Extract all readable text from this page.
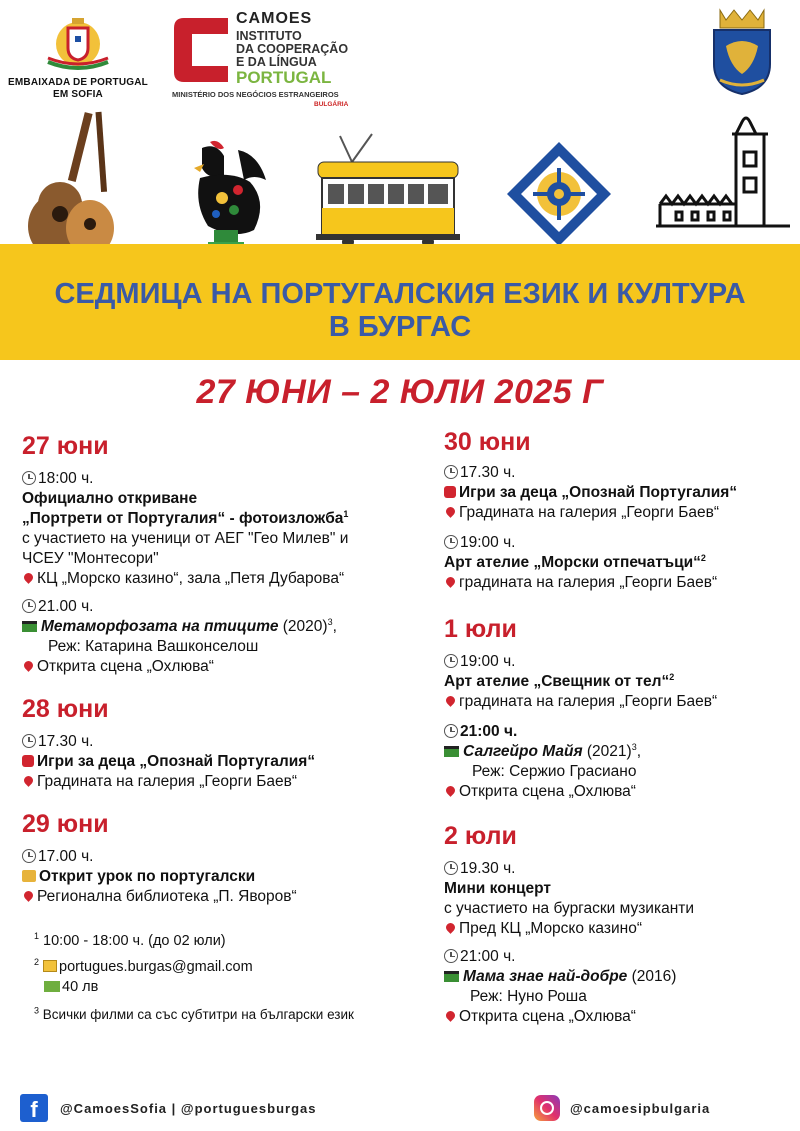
EMBAIXADA DE PORTUGAL
EM SOFIA
CAMOES
INSTITUTO
DA COOPERAÇÃO
E DA LÍNGUA
PORTUGAL
MINISTÉRIO DOS NEGÓCIOS ESTRANGEIROS
BULGÁRIA
СЕДМИЦА НА ПОРТУГАЛСКИЯ ЕЗИК И КУЛТУРА
В БУРГАС
27 ЮНИ – 2 ЮЛИ 2025 Г
27 юни
18:00 ч.
Официално откриване
„Портрети от Португалия“ - фотоизложба$^1$
с участието на ученици от АЕГ "Гео Милев" и
ЧСЕУ "Монтесори"
КЦ „Морско казино“, зала „Петя Дубарова“
21.00 ч.
Метаморфозата на птиците $(2020)^3$,
Реж: Катарина Вашконселош
Открита сцена „Охлюва“
28 юни
17.30 ч.
Игри за деца „Опознай Португалия“
Градината на галерия „Георги Баев“
29 юни
17.00 ч.
Открит урок по португалски
Регионална библиотека „П. Яворов“
$^1$ 10:00 - 18:00 ч. (до 02 юли)
$^2$ portugues.burgas@gmail.com
40 лв
$^3$ Всички филми са със субтитри на български език
30 юни
17.30 ч.
Игри за деца „Опознай Португалия“
Градината на галерия „Георги Баев“
19:00 ч.
Арт ателие „Морски отпечатъци“$^2$
градината на галерия „Георги Баев“
1 юли
19:00 ч.
Арт ателие „Свещник от тел“$^2$
градината на галерия „Георги Баев“
21:00 ч.
Салгейро Майя $(2021)^3$,
Реж: Сержио Грасиано
Открита сцена „Охлюва“
2 юли
19.30 ч.
Мини концерт
с участието на бургаски музиканти
Пред КЦ „Морско казино“
21:00 ч.
Мама знае най-добре (2016)
Реж: Нуно Роша
Открита сцена „Охлюва“
f	@CamoesSofia | @portuguesburgas	@camoesipbulgaria
